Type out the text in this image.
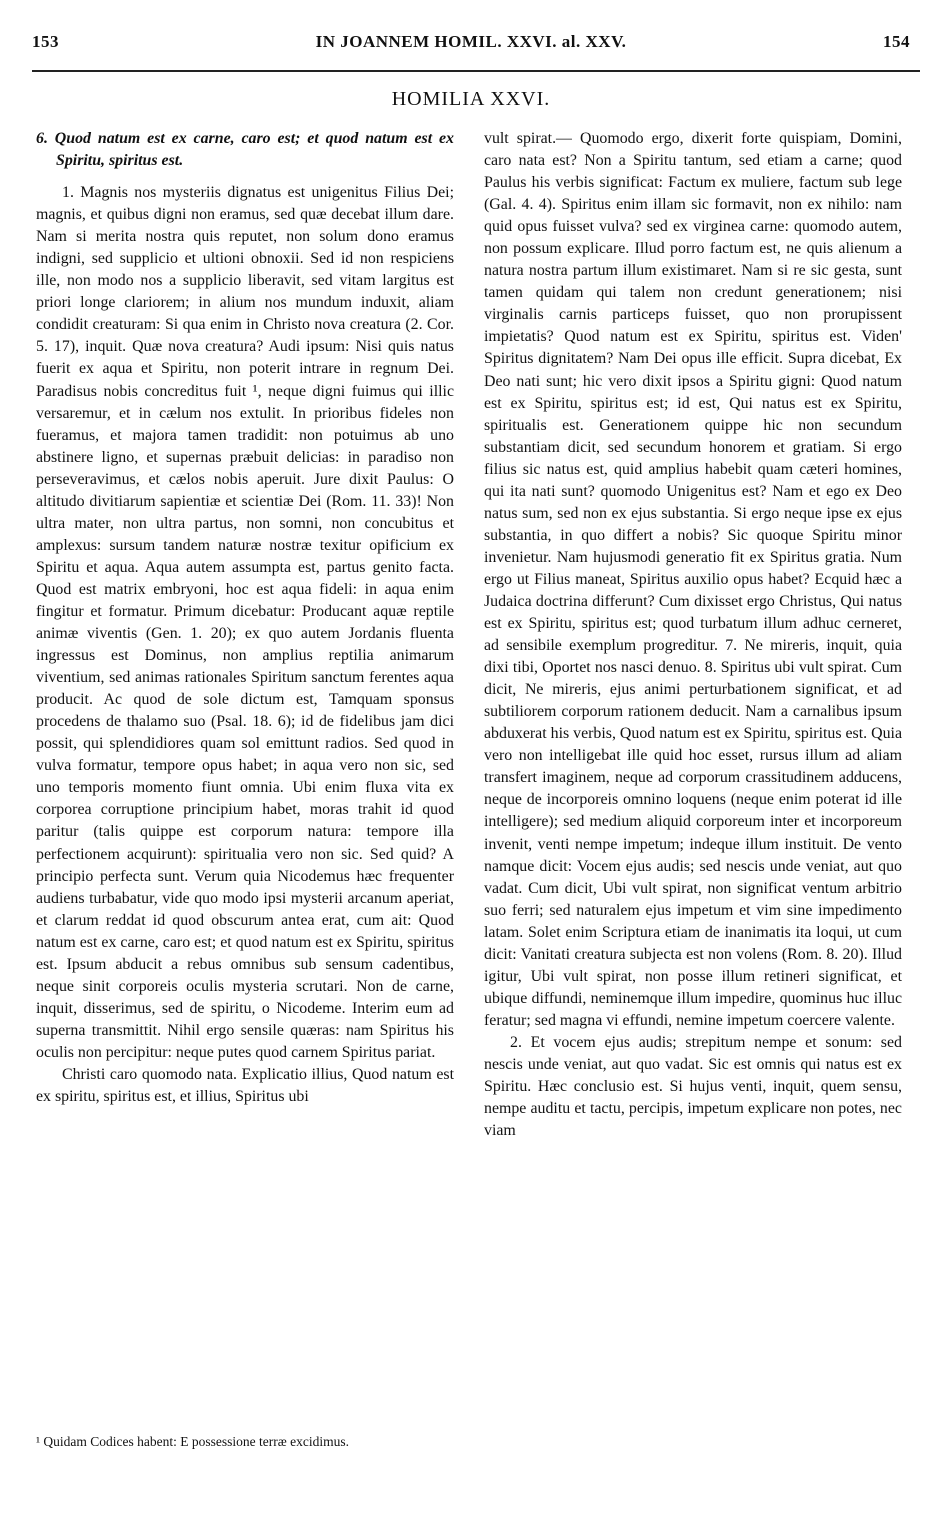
153	IN JOANNEM HOMIL. XXVI. al. XXV.	154
HOMILIA XXVI.

6. Quod natum est ex carne, caro est; et quod natum est ex Spiritu, spiritus est.

1. Magnis nos mysteriis dignatus est unigenitus Filius Dei; magnis, et quibus digni non eramus, sed quæ decebat illum dare. Nam si merita nostra quis reputet, non solum dono eramus indigni, sed supplicio et ultioni obnoxii. Sed id non respiciens ille, non modo nos a supplicio liberavit, sed vitam largitus est priori longe clariorem; in alium nos mundum induxit, aliam condidit creaturam: Si qua enim in Christo nova creatura (2. Cor. 5. 17), inquit. Quæ nova creatura? Audi ipsum: Nisi quis natus fuerit ex aqua et Spiritu, non poterit intrare in regnum Dei. Paradisus nobis concreditus fuit ¹, neque digni fuimus qui illic versaremur, et in cælum nos extulit. In prioribus fideles non fueramus, et majora tamen tradidit: non potuimus ab uno abstinere ligno, et supernas præbuit delicias: in paradiso non perseveravimus, et cælos nobis aperuit. Jure dixit Paulus: O altitudo divitiarum sapientiæ et scientiæ Dei (Rom. 11. 33)! Non ultra mater, non ultra partus, non somni, non concubitus et amplexus: sursum tandem naturæ nostræ texitur opificium ex Spiritu et aqua. Aqua autem assumpta est, partus genito facta. Quod est matrix embryoni, hoc est aqua fideli: in aqua enim fingitur et formatur. Primum dicebatur: Producant aquæ reptile animæ viventis (Gen. 1. 20); ex quo autem Jordanis fluenta ingressus est Dominus, non amplius reptilia animarum viventium, sed animas rationales Spiritum sanctum ferentes aqua producit. Ac quod de sole dictum est, Tamquam sponsus procedens de thalamo suo (Psal. 18. 6); id de fidelibus jam dici possit, qui splendidiores quam sol emittunt radios. Sed quod in vulva formatur, tempore opus habet; in aqua vero non sic, sed uno temporis momento fiunt omnia. Ubi enim fluxa vita ex corporea corruptione principium habet, moras trahit id quod paritur (talis quippe est corporum natura: tempore illa perfectionem acquirunt): spiritualia vero non sic. Sed quid? A principio perfecta sunt. Verum quia Nicodemus hæc frequenter audiens turbabatur, vide quo modo ipsi mysterii arcanum aperiat, et clarum reddat id quod obscurum antea erat, cum ait: Quod natum est ex carne, caro est; et quod natum est ex Spiritu, spiritus est. Ipsum abducit a rebus omnibus sub sensum cadentibus, neque sinit corporeis oculis mysteria scrutari. Non de carne, inquit, disserimus, sed de spiritu, o Nicodeme. Interim eum ad superna transmittit. Nihil ergo sensile quæras: nam Spiritus his oculis non percipitur: neque putes quod carnem Spiritus pariat.

Christi caro quomodo nata. Explicatio illius, Quod natum est ex spiritu, spiritus est, et illius, Spiritus ubi

¹ Quidam Codices habent: E possessione terræ excidimus.

vult spirat.— Quomodo ergo, dixerit forte quispiam, Domini, caro nata est? Non a Spiritu tantum, sed etiam a carne; quod Paulus his verbis significat: Factum ex muliere, factum sub lege (Gal. 4. 4). Spiritus enim illam sic formavit, non ex nihilo: nam quid opus fuisset vulva? sed ex virginea carne: quomodo autem, non possum explicare. Illud porro factum est, ne quis alienum a natura nostra partum illum existimaret. Nam si re sic gesta, sunt tamen quidam qui talem non credunt generationem; nisi virginalis carnis particeps fuisset, quo non prorupissent impietatis? Quod natum est ex Spiritu, spiritus est. Viden' Spiritus dignitatem? Nam Dei opus ille efficit. Supra dicebat, Ex Deo nati sunt; hic vero dixit ipsos a Spiritu gigni: Quod natum est ex Spiritu, spiritus est; id est, Qui natus est ex Spiritu, spiritualis est. Generationem quippe hic non secundum substantiam dicit, sed secundum honorem et gratiam. Si ergo filius sic natus est, quid amplius habebit quam cæteri homines, qui ita nati sunt? quomodo Unigenitus est? Nam et ego ex Deo natus sum, sed non ex ejus substantia. Si ergo neque ipse ex ejus substantia, in quo differt a nobis? Sic quoque Spiritu minor invenietur. Nam hujusmodi generatio fit ex Spiritus gratia. Num ergo ut Filius maneat, Spiritus auxilio opus habet? Ecquid hæc a Judaica doctrina differunt? Cum dixisset ergo Christus, Qui natus est ex Spiritu, spiritus est; quod turbatum illum adhuc cerneret, ad sensibile exemplum progreditur. 7. Ne mireris, inquit, quia dixi tibi, Oportet nos nasci denuo. 8. Spiritus ubi vult spirat. Cum dicit, Ne mireris, ejus animi perturbationem significat, et ad subtiliorem corporum rationem deducit. Nam a carnalibus ipsum abduxerat his verbis, Quod natum est ex Spiritu, spiritus est. Quia vero non intelligebat ille quid hoc esset, rursus illum ad aliam transfert imaginem, neque ad corporum crassitudinem adducens, neque de incorporeis omnino loquens (neque enim poterat id ille intelligere); sed medium aliquid corporeum inter et incorporeum invenit, venti nempe impetum; indeque illum instituit. De vento namque dicit: Vocem ejus audis; sed nescis unde veniat, aut quo vadat. Cum dicit, Ubi vult spirat, non significat ventum arbitrio suo ferri; sed naturalem ejus impetum et vim sine impedimento latam. Solet enim Scriptura etiam de inanimatis ita loqui, ut cum dicit: Vanitati creatura subjecta est non volens (Rom. 8. 20). Illud igitur, Ubi vult spirat, non posse illum retineri significat, et ubique diffundi, neminemque illum impedire, quominus huc illuc feratur; sed magna vi effundi, nemine impetum coercere valente.

2. Et vocem ejus audis; strepitum nempe et sonum: sed nescis unde veniat, aut quo vadat. Sic est omnis qui natus est ex Spiritu. Hæc conclusio est. Si hujus venti, inquit, quem sensu, nempe auditu et tactu, percipis, impetum explicare non potes, nec viam
